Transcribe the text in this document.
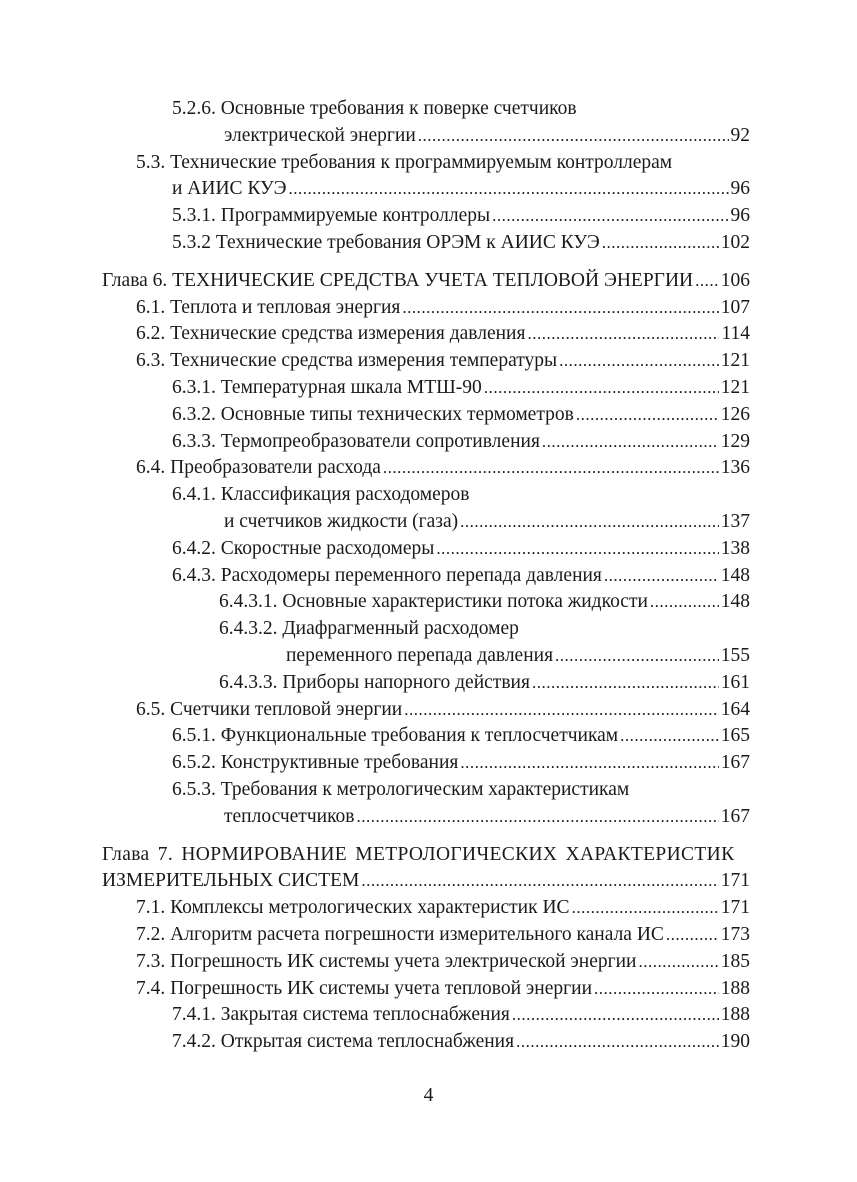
5.2.6. Основные требования к поверке счетчиков
электрической энергии .....	92
5.3. Технические требования к программируемым контроллерам
и АИИС КУЭ .....	96
5.3.1. Программируемые контроллеры .....	96
5.3.2 Технические требования ОРЭМ к АИИС КУЭ .....	102
Глава 6. ТЕХНИЧЕСКИЕ СРЕДСТВА УЧЕТА ТЕПЛОВОЙ ЭНЕРГИИ ..... 106
6.1. Теплота и тепловая энергия .....	107
6.2. Технические средства измерения давления .....	114
6.3. Технические средства измерения температуры .....	121
6.3.1. Температурная шкала МТШ-90 .....	121
6.3.2. Основные типы технических термометров .....	126
6.3.3. Термопреобразователи сопротивления .....	129
6.4. Преобразователи расхода .....	136
6.4.1. Классификация расходомеров
и счетчиков жидкости (газа) .....	137
6.4.2. Скоростные расходомеры .....	138
6.4.3. Расходомеры переменного перепада давления .....	148
6.4.3.1. Основные характеристики потока жидкости .....	148
6.4.3.2. Диафрагменный расходомер
переменного перепада давления .....	155
6.4.3.3. Приборы напорного действия .....	161
6.5. Счетчики тепловой энергии .....	164
6.5.1. Функциональные требования к теплосчетчикам .....	165
6.5.2. Конструктивные требования .....	167
6.5.3. Требования к метрологическим характеристикам
теплосчетчиков .....	167
Глава 7. НОРМИРОВАНИЕ МЕТРОЛОГИЧЕСКИХ ХАРАКТЕРИСТИК
ИЗМЕРИТЕЛЬНЫХ СИСТЕМ .....	171
7.1. Комплексы метрологических характеристик ИС .....	171
7.2. Алгоритм расчета погрешности измерительного канала ИС .....	173
7.3. Погрешность ИК системы учета электрической энергии .....	185
7.4. Погрешность ИК системы учета тепловой энергии .....	188
7.4.1. Закрытая система теплоснабжения .....	188
7.4.2. Открытая система теплоснабжения .....	190
4
